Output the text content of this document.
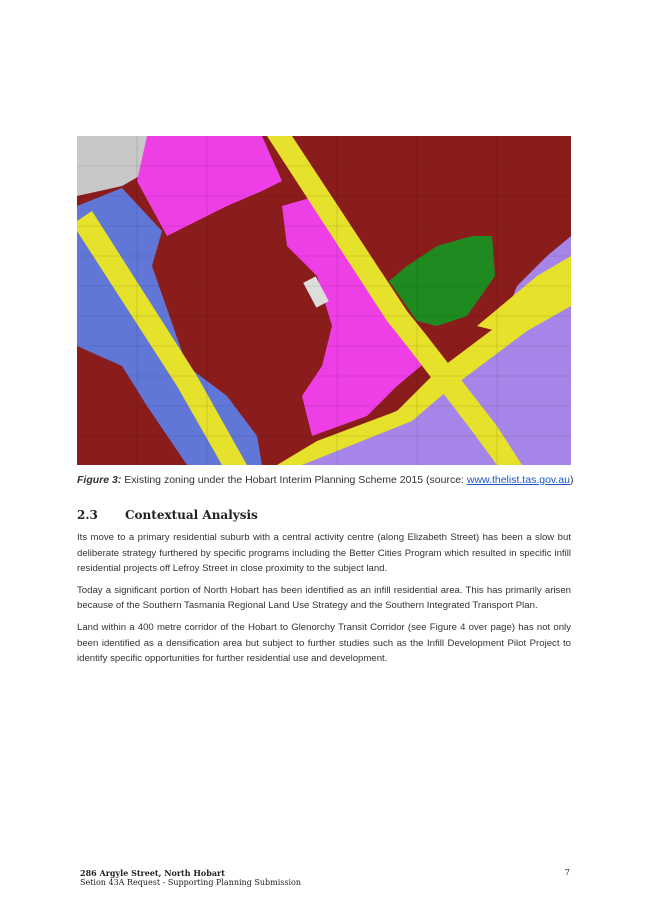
Figure 3: Existing zoning under the Hobart Interim Planning Scheme 2015 (source: www.thelist.tas.gov.au)
2.3 Contextual Analysis

Its move to a primary residential suburb with a central activity centre (along Elizabeth Street) has been a slow but deliberate strategy furthered by specific programs including the Better Cities Program which resulted in specific infill residential projects off Lefroy Street in close proximity to the subject land.

Today a significant portion of North Hobart has been identified as an infill residential area. This has primarily arisen because of the Southern Tasmania Regional Land Use Strategy and the Southern Integrated Transport Plan.

Land within a 400 metre corridor of the Hobart to Glenorchy Transit Corridor (see Figure 4 over page) has not only been identified as a densification area but subject to further studies such as the Infill Development Pilot Project to identify specific opportunities for further residential use and development.

286 Argyle Street, North Hobart
Setion 43A Request - Supporting Planning Submission
7
